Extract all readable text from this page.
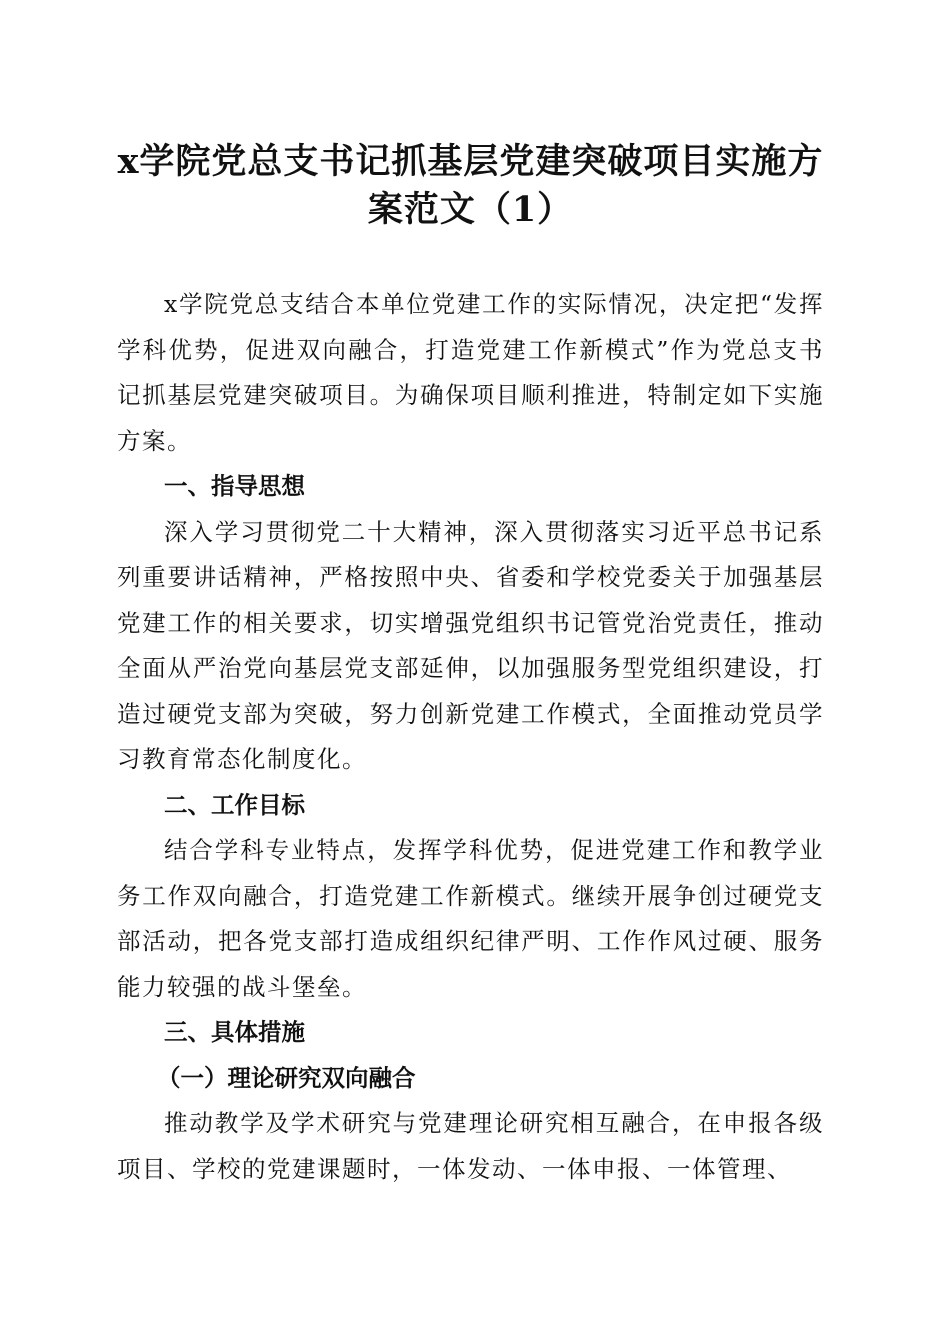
x学院党总支书记抓基层党建突破项目实施方案范文（1）

x学院党总支结合本单位党建工作的实际情况，决定把“发挥学科优势，促进双向融合，打造党建工作新模式”作为党总支书记抓基层党建突破项目。为确保项目顺利推进，特制定如下实施方案。

一、指导思想

深入学习贯彻党二十大精神，深入贯彻落实习近平总书记系列重要讲话精神，严格按照中央、省委和学校党委关于加强基层党建工作的相关要求，切实增强党组织书记管党治党责任，推动全面从严治党向基层党支部延伸，以加强服务型党组织建设，打造过硬党支部为突破，努力创新党建工作模式，全面推动党员学习教育常态化制度化。

二、工作目标

结合学科专业特点，发挥学科优势，促进党建工作和教学业务工作双向融合，打造党建工作新模式。继续开展争创过硬党支部活动，把各党支部打造成组织纪律严明、工作作风过硬、服务能力较强的战斗堡垒。

三、具体措施
（一）理论研究双向融合

推动教学及学术研究与党建理论研究相互融合，在申报各级项目、学校的党建课题时，一体发动、一体申报、一体管理、
